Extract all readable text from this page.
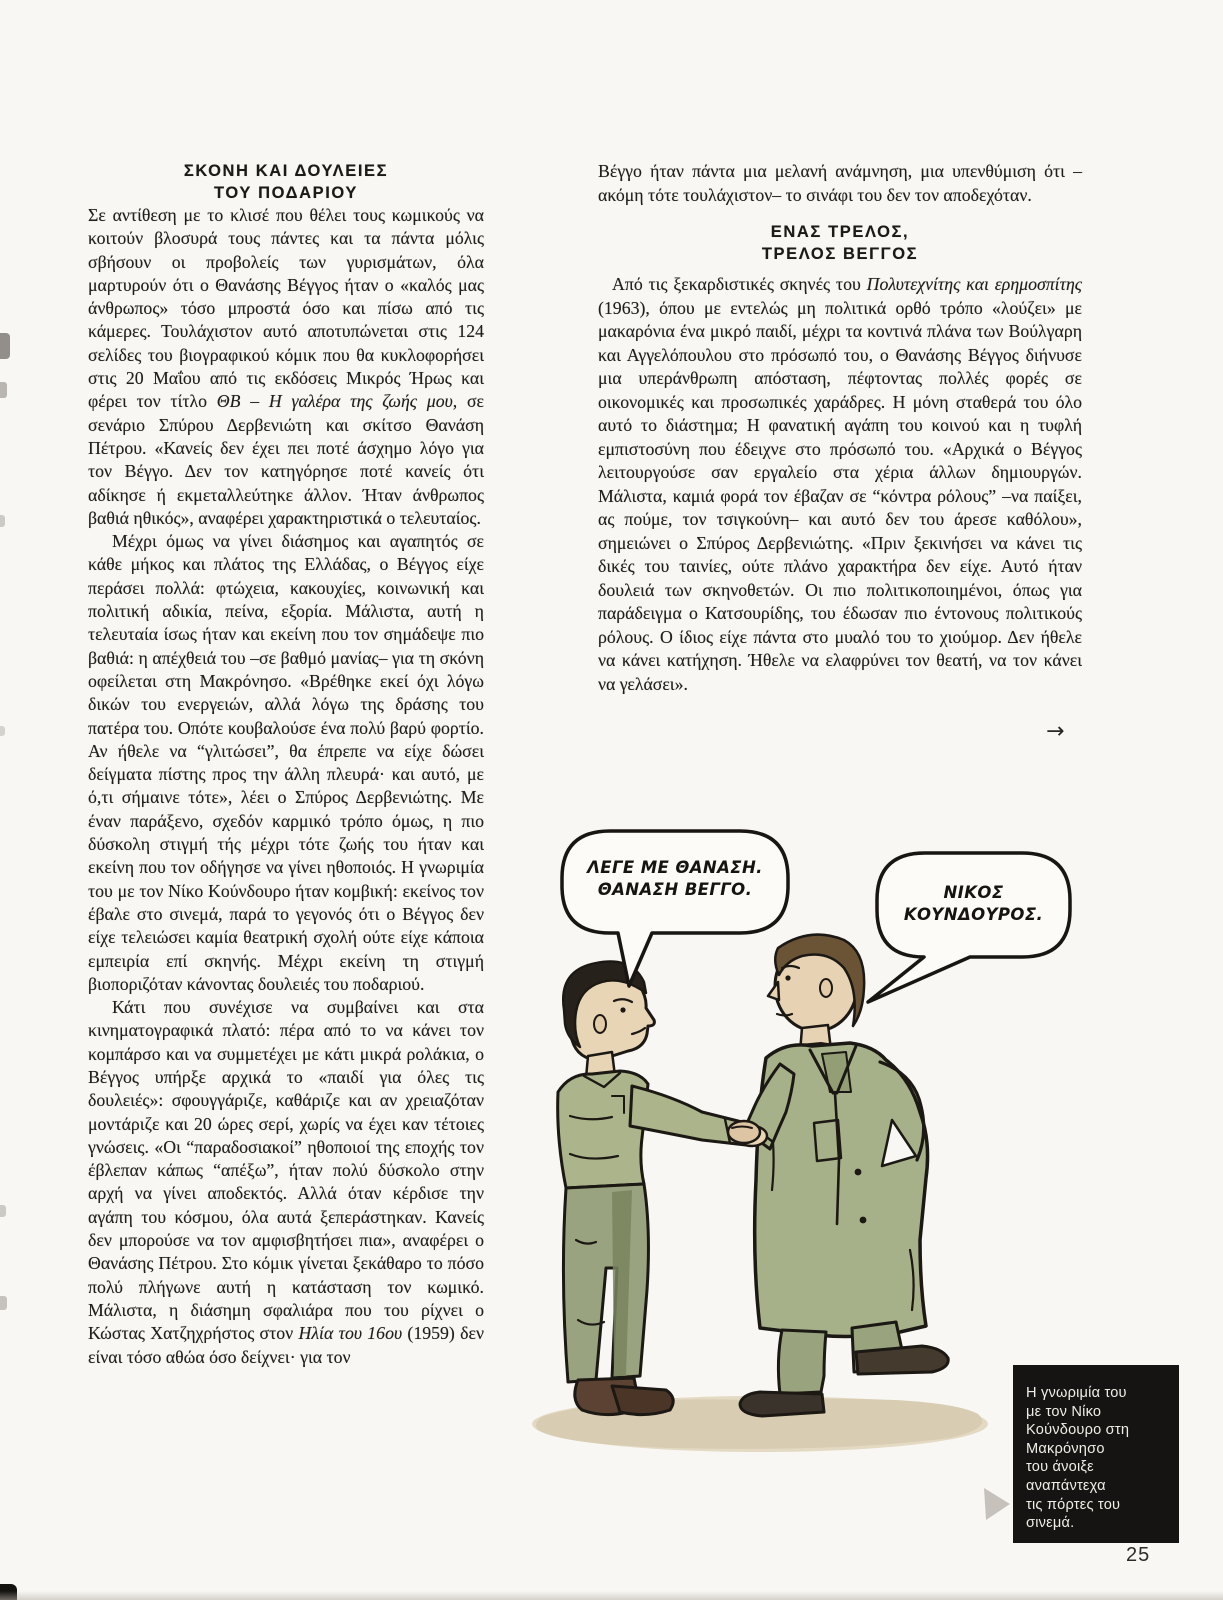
ΣΚΟΝΗ ΚΑΙ ΔΟΥΛΕΙΕΣ
ΤΟΥ ΠΟΔΑΡΙΟΥ

Σε αντίθεση με το κλισέ που θέλει τους κωμικούς να κοιτούν βλοσυρά τους πάντες και τα πάντα μόλις σβήσουν οι προβολείς των γυρισμάτων, όλα μαρτυρούν ότι ο Θανάσης Βέγγος ήταν ο «καλός μας άνθρωπος» τόσο μπροστά όσο και πίσω από τις κάμερες. Τουλάχιστον αυτό αποτυπώνεται στις 124 σελίδες του βιογραφικού κόμικ που θα κυκλοφορήσει στις 20 Μαΐου από τις εκδόσεις Μικρός Ήρως και φέρει τον τίτλο ΘΒ – Η γαλέρα της ζωής μου, σε σενάριο Σπύρου Δερβενιώτη και σκίτσο Θανάση Πέτρου. «Κανείς δεν έχει πει ποτέ άσχημο λόγο για τον Βέγγο. Δεν τον κατηγόρησε ποτέ κανείς ότι αδίκησε ή εκμεταλλεύτηκε άλλον. Ήταν άνθρωπος βαθιά ηθικός», αναφέρει χαρακτηριστικά ο τελευταίος.

Μέχρι όμως να γίνει διάσημος και αγαπητός σε κάθε μήκος και πλάτος της Ελλάδας, ο Βέγγος είχε περάσει πολλά: φτώχεια, κακουχίες, κοινωνική και πολιτική αδικία, πείνα, εξορία. Μάλιστα, αυτή η τελευταία ίσως ήταν και εκείνη που τον σημάδεψε πιο βαθιά: η απέχθειά του –σε βαθμό μανίας– για τη σκόνη οφείλεται στη Μακρόνησο. «Βρέθηκε εκεί όχι λόγω δικών του ενεργειών, αλλά λόγω της δράσης του πατέρα του. Οπότε κουβαλούσε ένα πολύ βαρύ φορτίο. Αν ήθελε να “γλιτώσει”, θα έπρεπε να είχε δώσει δείγματα πίστης προς την άλλη πλευρά· και αυτό, με ό,τι σήμαινε τότε», λέει ο Σπύρος Δερβενιώτης. Με έναν παράξενο, σχεδόν καρμικό τρόπο όμως, η πιο δύσκολη στιγμή τής μέχρι τότε ζωής του ήταν και εκείνη που τον οδήγησε να γίνει ηθοποιός. Η γνωριμία του με τον Νίκο Κούνδουρο ήταν κομβική: εκείνος τον έβαλε στο σινεμά, παρά το γεγονός ότι ο Βέγγος δεν είχε τελειώσει καμία θεατρική σχολή ούτε είχε κάποια εμπειρία επί σκηνής. Μέχρι εκείνη τη στιγμή βιοποριζόταν κάνοντας δουλειές του ποδαριού.

Κάτι που συνέχισε να συμβαίνει και στα κινηματογραφικά πλατό: πέρα από το να κάνει τον κομπάρσο και να συμμετέχει με κάτι μικρά ρολάκια, ο Βέγγος υπήρξε αρχικά το «παιδί για όλες τις δουλειές»: σφουγγάριζε, καθάριζε και αν χρειαζόταν μοντάριζε και 20 ώρες σερί, χωρίς να έχει καν τέτοιες γνώσεις. «Οι “παραδοσιακοί” ηθοποιοί της εποχής τον έβλεπαν κάπως “απέξω”, ήταν πολύ δύσκολο στην αρχή να γίνει αποδεκτός. Αλλά όταν κέρδισε την αγάπη του κόσμου, όλα αυτά ξεπεράστηκαν. Κανείς δεν μπορούσε να τον αμφισβητήσει πια», αναφέρει ο Θανάσης Πέτρου. Στο κόμικ γίνεται ξεκάθαρο το πόσο πολύ πλήγωνε αυτή η κατάσταση τον κωμικό. Μάλιστα, η διάσημη σφαλιάρα που του ρίχνει ο Κώστας Χατζηχρήστος στον Ηλία του 16ου (1959) δεν είναι τόσο αθώα όσο δείχνει· για τον

Βέγγο ήταν πάντα μια μελανή ανάμνηση, μια υπενθύμιση ότι –ακόμη τότε τουλάχιστον– το σινάφι του δεν τον αποδεχόταν.

ΕΝΑΣ ΤΡΕΛΟΣ,
ΤΡΕΛΟΣ ΒΕΓΓΟΣ

Από τις ξεκαρδιστικές σκηνές του Πολυτεχνίτης και ερημοσπίτης (1963), όπου με εντελώς μη πολιτικά ορθό τρόπο «λούζει» με μακαρόνια ένα μικρό παιδί, μέχρι τα κοντινά πλάνα των Βούλγαρη και Αγγελόπουλου στο πρόσωπό του, ο Θανάσης Βέγγος διήνυσε μια υπεράνθρωπη απόσταση, πέφτοντας πολλές φορές σε οικονομικές και προσωπικές χαράδρες. Η μόνη σταθερά του όλο αυτό το διάστημα; Η φανατική αγάπη του κοινού και η τυφλή εμπιστοσύνη που έδειχνε στο πρόσωπό του. «Αρχικά ο Βέγγος λειτουργούσε σαν εργαλείο στα χέρια άλλων δημιουργών. Μάλιστα, καμιά φορά τον έβαζαν σε “κόντρα ρόλους” –να παίξει, ας πούμε, τον τσιγκούνη– και αυτό δεν του άρεσε καθόλου», σημειώνει ο Σπύρος Δερβενιώτης. «Πριν ξεκινήσει να κάνει τις δικές του ταινίες, ούτε πλάνο χαρακτήρα δεν είχε. Αυτό ήταν δουλειά των σκηνοθετών. Οι πιο πολιτικοποιημένοι, όπως για παράδειγμα ο Κατσουρίδης, του έδωσαν πιο έντονους πολιτικούς ρόλους. Ο ίδιος είχε πάντα στο μυαλό του το χιούμορ. Δεν ήθελε να κάνει κατήχηση. Ήθελε να ελαφρύνει τον θεατή, να τον κάνει να γελάσει».

→
ΛΕΓΕ ΜΕ ΘΑΝΑΣΗ.
ΘΑΝΑΣΗ ΒΕΓΓΟ.	ΝΙΚΟΣ
ΚΟΥΝΔΟΥΡΟΣ.
Η γνωριμία του
με τον Νίκο
Κούνδουρο στη
Μακρόνησο
του άνοιξε
αναπάντεχα
τις πόρτες του
σινεμά.
25
